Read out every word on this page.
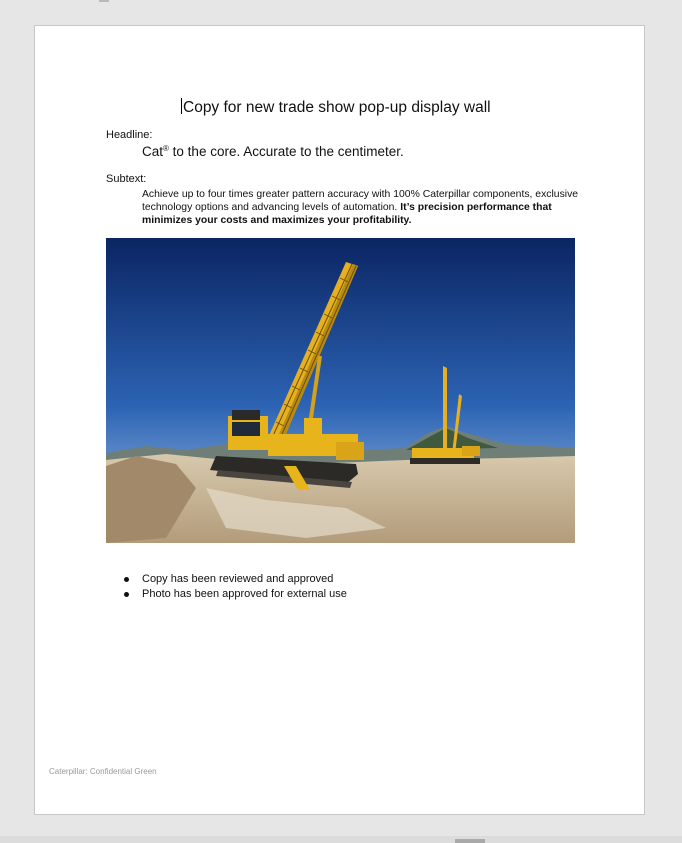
Copy for new trade show pop-up display wall
Headline:
Cat® to the core. Accurate to the centimeter.
Subtext:
Achieve up to four times greater pattern accuracy with 100% Caterpillar components, exclusive technology options and advancing levels of automation. It’s precision performance that minimizes your costs and maximizes your profitability.
Copy has been reviewed and approved
Photo has been approved for external use
Caterpillar: Confidential Green
